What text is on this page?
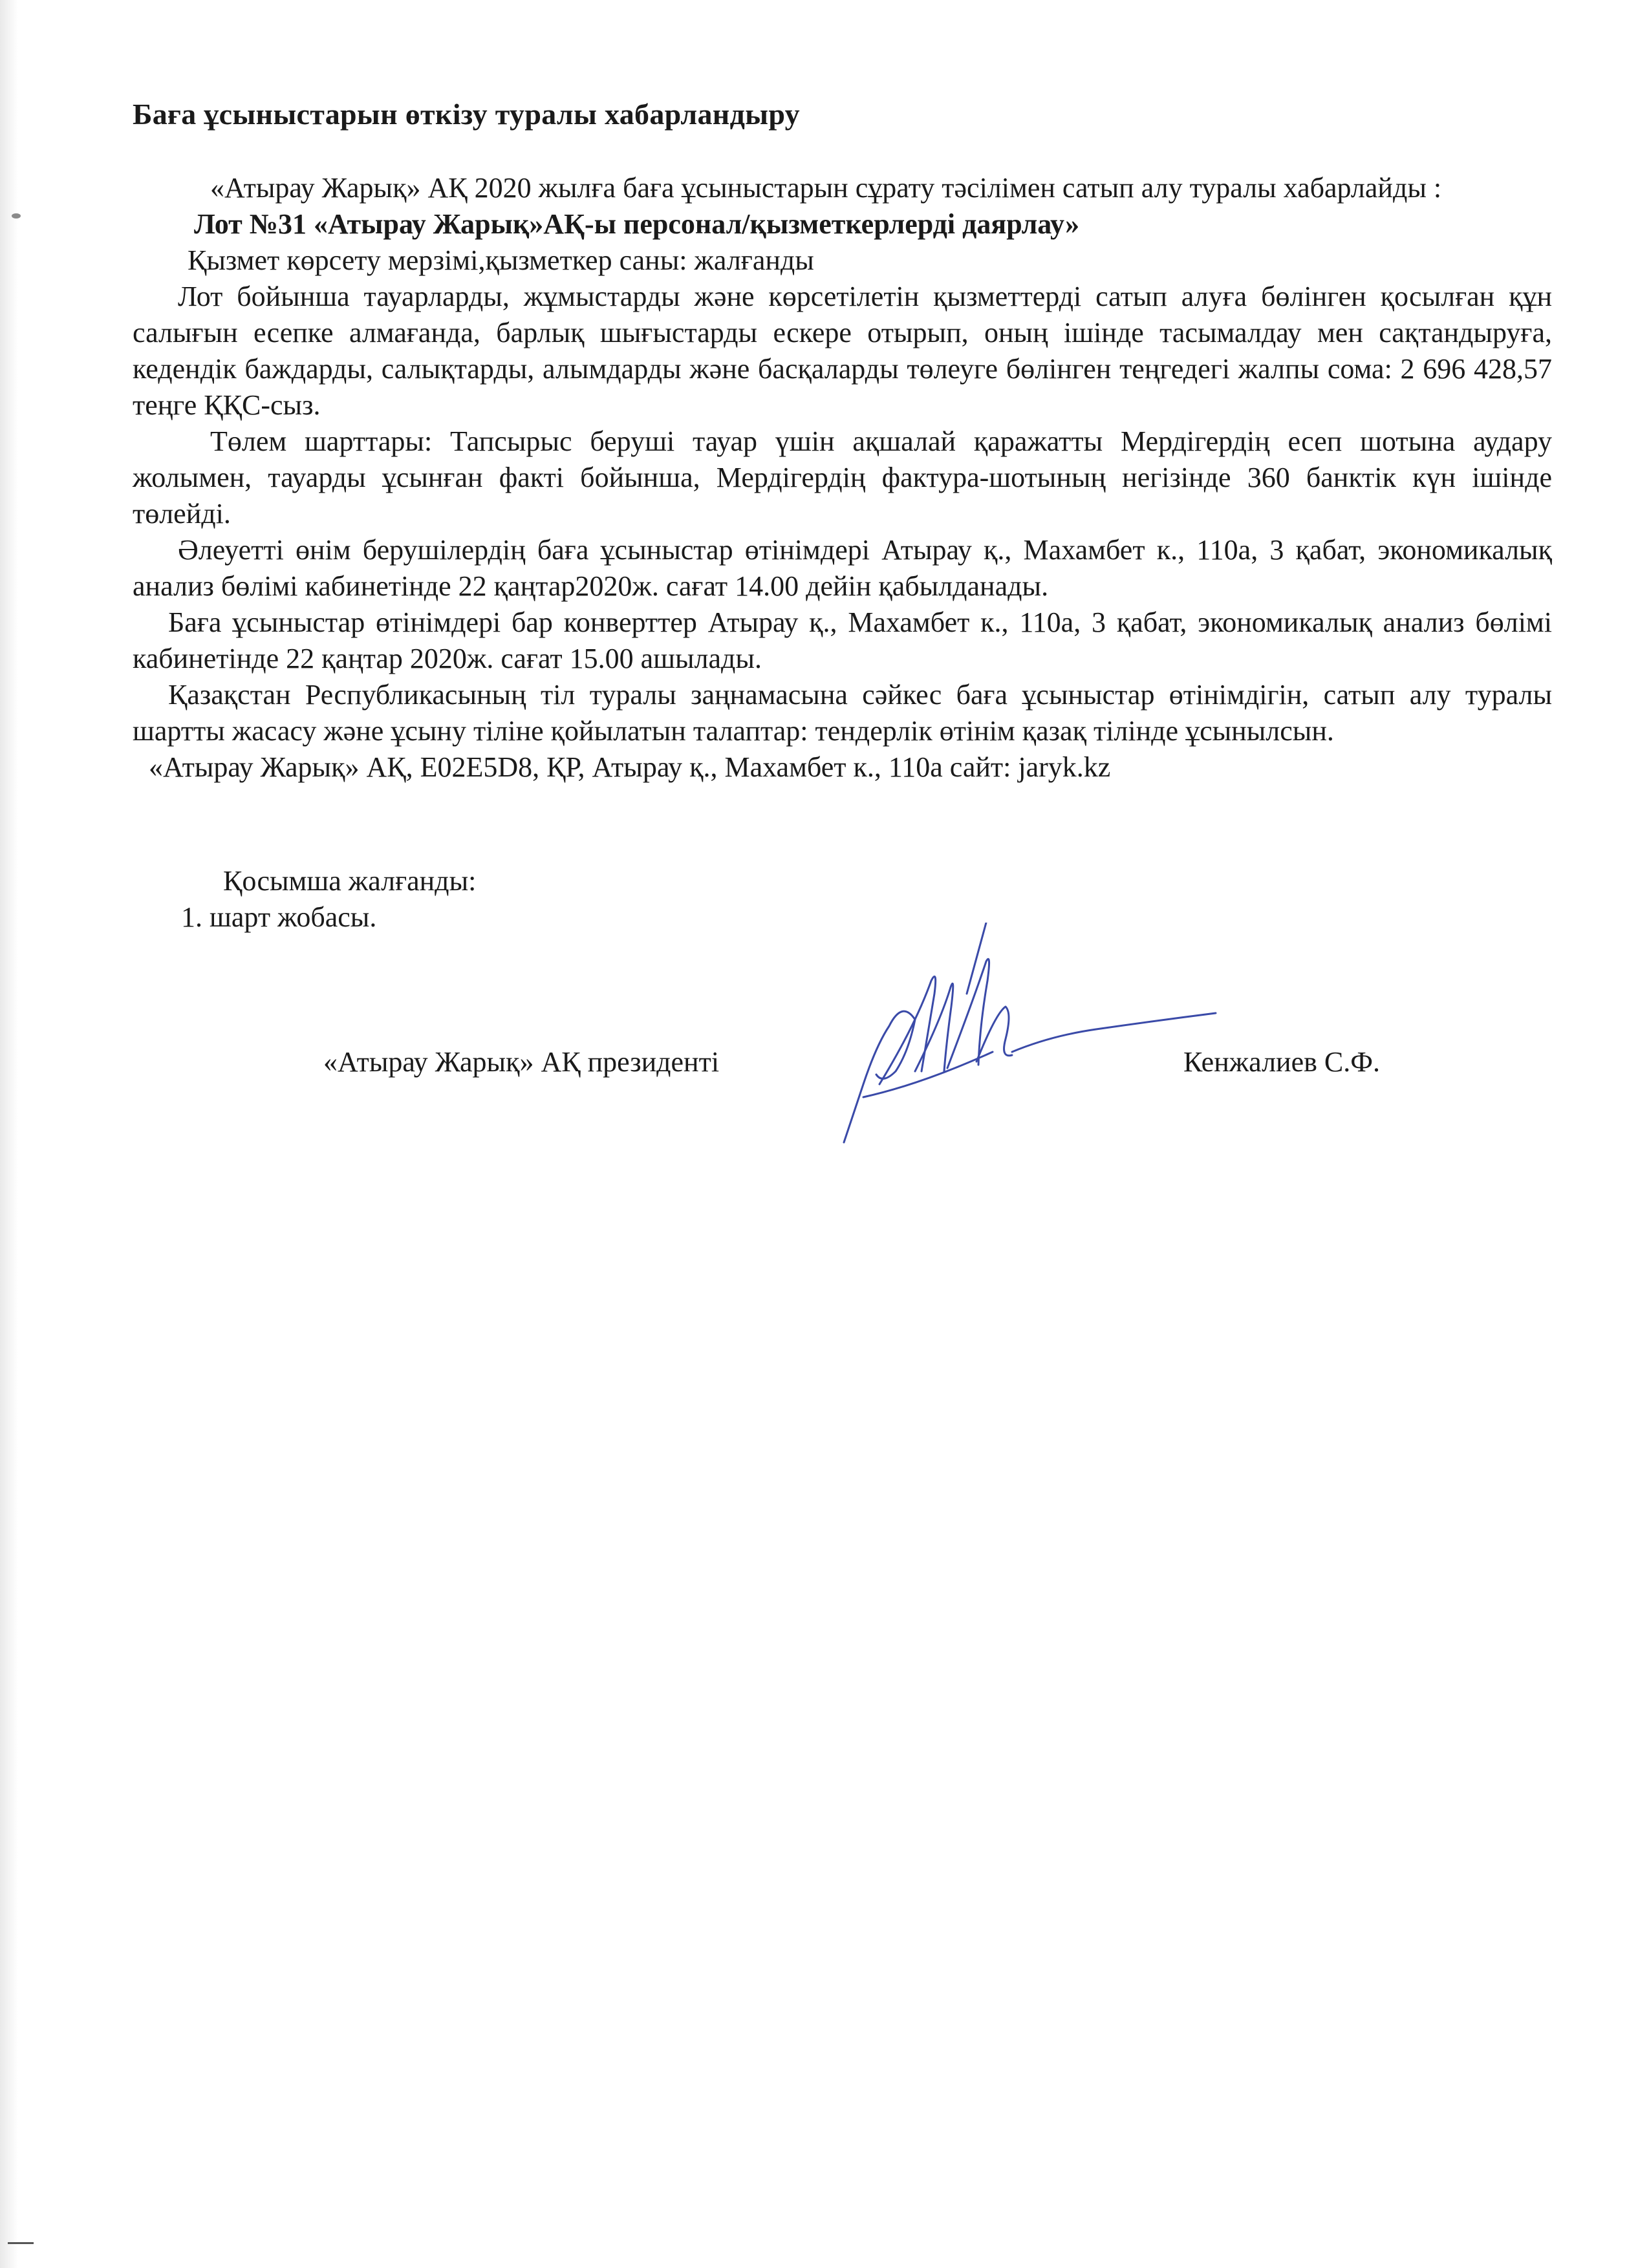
Баға ұсыныстарын өткізу туралы хабарландыру

«Атырау Жарық» АҚ 2020 жылға баға ұсыныстарын сұрату тәсілімен сатып алу туралы хабарлайды :

Лот №31 «Атырау Жарық»АҚ-ы персонал/қызметкерлерді даярлау»

Қызмет көрсету мерзімі,қызметкер саны: жалғанды

Лот бойынша тауарларды, жұмыстарды және көрсетілетін қызметтерді сатып алуға бөлінген қосылған құн салығын есепке алмағанда, барлық шығыстарды ескере отырып, оның ішінде тасымалдау мен сақтандыруға, кедендік баждарды, салықтарды, алымдарды және басқаларды төлеуге бөлінген теңгедегі жалпы сома: 2 696 428,57 теңге ҚҚС-сыз.

Төлем шарттары: Тапсырыс беруші тауар үшін ақшалай қаражатты Мердігердің есеп шотына аудару жолымен, тауарды ұсынған факті бойынша, Мердігердің фактура-шотының негізінде 360 банктік күн ішінде төлейді.

Әлеуетті өнім берушілердің баға ұсыныстар өтінімдері Атырау қ., Махамбет к., 110а, 3 қабат, экономикалық анализ бөлімі кабинетінде 22 қаңтар2020ж. сағат 14.00 дейін қабылданады.

Баға ұсыныстар өтінімдері бар конверттер Атырау қ., Махамбет к., 110а, 3 қабат, экономикалық анализ бөлімі кабинетінде 22 қаңтар 2020ж. сағат 15.00 ашылады.

Қазақстан Республикасының тіл туралы заңнамасына сәйкес баға ұсыныстар өтінімдігін, сатып алу туралы шартты жасасу және ұсыну тіліне қойылатын талаптар: тендерлік өтінім қазақ тілінде ұсынылсын.

«Атырау Жарық» АҚ, E02E5D8, ҚР, Атырау қ., Махамбет к., 110а сайт: jaryk.kz

Қосымша жалғанды:
1. шарт жобасы.
«Атырау Жарық» АҚ президенті	Кенжалиев С.Ф.
